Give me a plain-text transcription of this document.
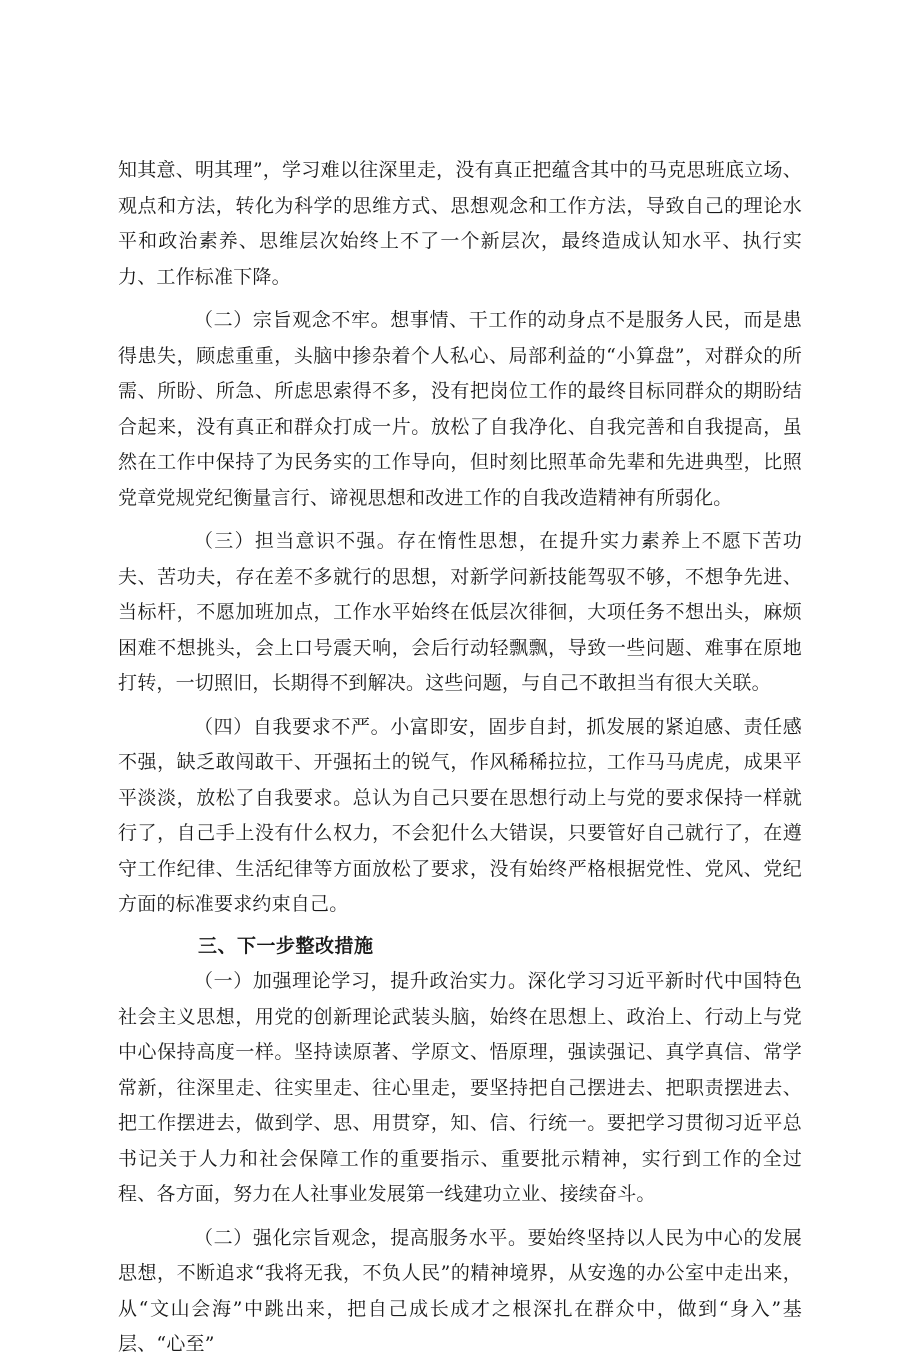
知其意、明其理”，学习难以往深里走，没有真正把蕴含其中的马克思班底立场、观点和方法，转化为科学的思维方式、思想观念和工作方法，导致自己的理论水平和政治素养、思维层次始终上不了一个新层次，最终造成认知水平、执行实力、工作标准下降。

（二）宗旨观念不牢。想事情、干工作的动身点不是服务人民，而是患得患失，顾虑重重，头脑中掺杂着个人私心、局部利益的“小算盘”，对群众的所需、所盼、所急、所虑思索得不多，没有把岗位工作的最终目标同群众的期盼结合起来，没有真正和群众打成一片。放松了自我净化、自我完善和自我提高，虽然在工作中保持了为民务实的工作导向，但时刻比照革命先辈和先进典型，比照党章党规党纪衡量言行、谛视思想和改进工作的自我改造精神有所弱化。

（三）担当意识不强。存在惰性思想，在提升实力素养上不愿下苦功夫、苦功夫，存在差不多就行的思想，对新学问新技能驾驭不够，不想争先进、当标杆，不愿加班加点，工作水平始终在低层次徘徊，大项任务不想出头，麻烦困难不想挑头，会上口号震天响，会后行动轻飘飘，导致一些问题、难事在原地打转，一切照旧，长期得不到解决。这些问题，与自己不敢担当有很大关联。

（四）自我要求不严。小富即安，固步自封，抓发展的紧迫感、责任感不强，缺乏敢闯敢干、开强拓土的锐气，作风稀稀拉拉，工作马马虎虎，成果平平淡淡，放松了自我要求。总认为自己只要在思想行动上与党的要求保持一样就行了，自己手上没有什么权力，不会犯什么大错误，只要管好自己就行了，在遵守工作纪律、生活纪律等方面放松了要求，没有始终严格根据党性、党风、党纪方面的标准要求约束自己。

三、下一步整改措施

（一）加强理论学习，提升政治实力。深化学习习近平新时代中国特色社会主义思想，用党的创新理论武装头脑，始终在思想上、政治上、行动上与党中心保持高度一样。坚持读原著、学原文、悟原理，强读强记、真学真信、常学常新，往深里走、往实里走、往心里走，要坚持把自己摆进去、把职责摆进去、把工作摆进去，做到学、思、用贯穿，知、信、行统一。要把学习贯彻习近平总书记关于人力和社会保障工作的重要指示、重要批示精神，实行到工作的全过程、各方面，努力在人社事业发展第一线建功立业、接续奋斗。

（二）强化宗旨观念，提高服务水平。要始终坚持以人民为中心的发展思想，不断追求“我将无我，不负人民”的精神境界，从安逸的办公室中走出来，从“文山会海”中跳出来，把自己成长成才之根深扎在群众中，做到“身入”基层、“心至”
